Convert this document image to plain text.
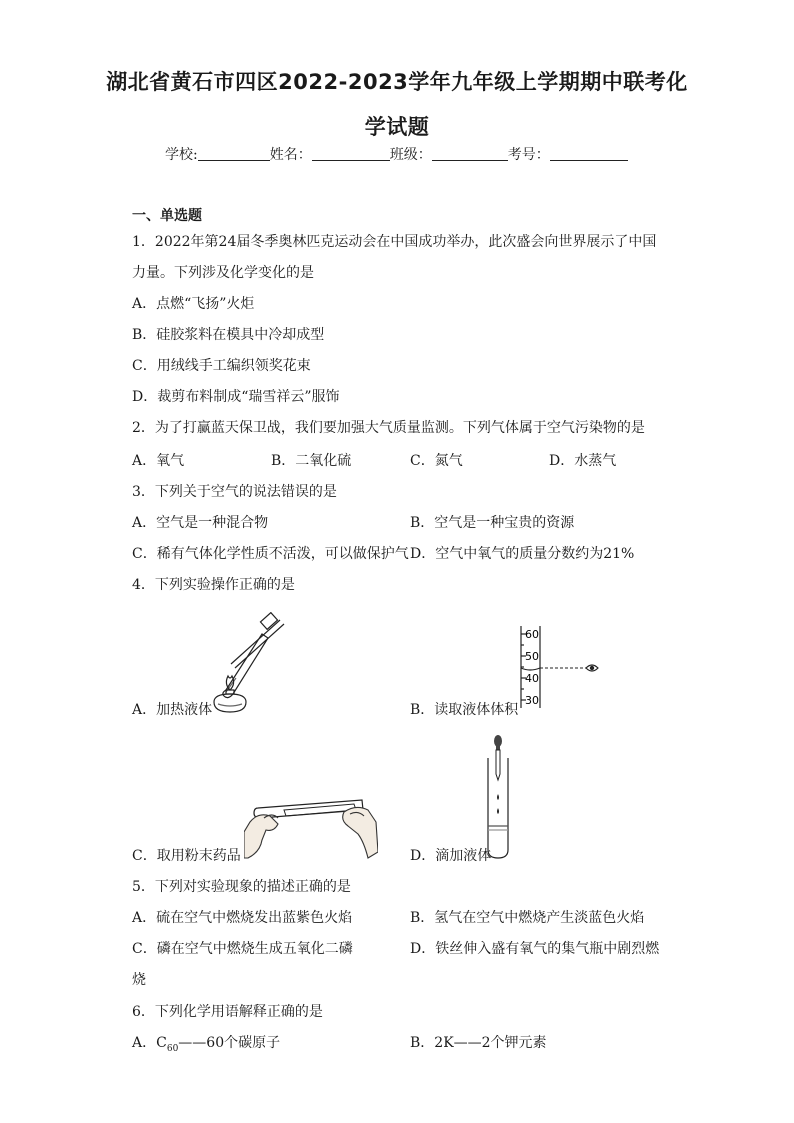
湖北省黄石市四区2022-2023学年九年级上学期期中联考化
学试题
学校:	姓名：	班级：	考号：
一、单选题
1．2022年第24届冬季奥林匹克运动会在中国成功举办，此次盛会向世界展示了中国
力量。下列涉及化学变化的是
A．点燃“飞扬”火炬
B．硅胶浆料在模具中冷却成型
C．用绒线手工编织领奖花束
D．裁剪布料制成“瑞雪祥云”服饰
2．为了打赢蓝天保卫战，我们要加强大气质量监测。下列气体属于空气污染物的是
A．氧气	B．二氧化硫	C．氮气	D．水蒸气
3．下列关于空气的说法错误的是
A．空气是一种混合物	B．空气是一种宝贵的资源
C．稀有气体化学性质不活泼，可以做保护气 D．空气中氧气的质量分数约为21%
4．下列实验操作正确的是
A．加热液体
60
50
40
30
B．读取液体体积
C．取用粉末药品	D．滴加液体
5．下列对实验现象的描述正确的是
A．硫在空气中燃烧发出蓝紫色火焰	B．氢气在空气中燃烧产生淡蓝色火焰
C．磷在空气中燃烧生成五氧化二磷	D．铁丝伸入盛有氧气的集气瓶中剧烈燃
烧
6．下列化学用语解释正确的是
A．$C_{60}——60$个碳原子	B．2K——2个钾元素
